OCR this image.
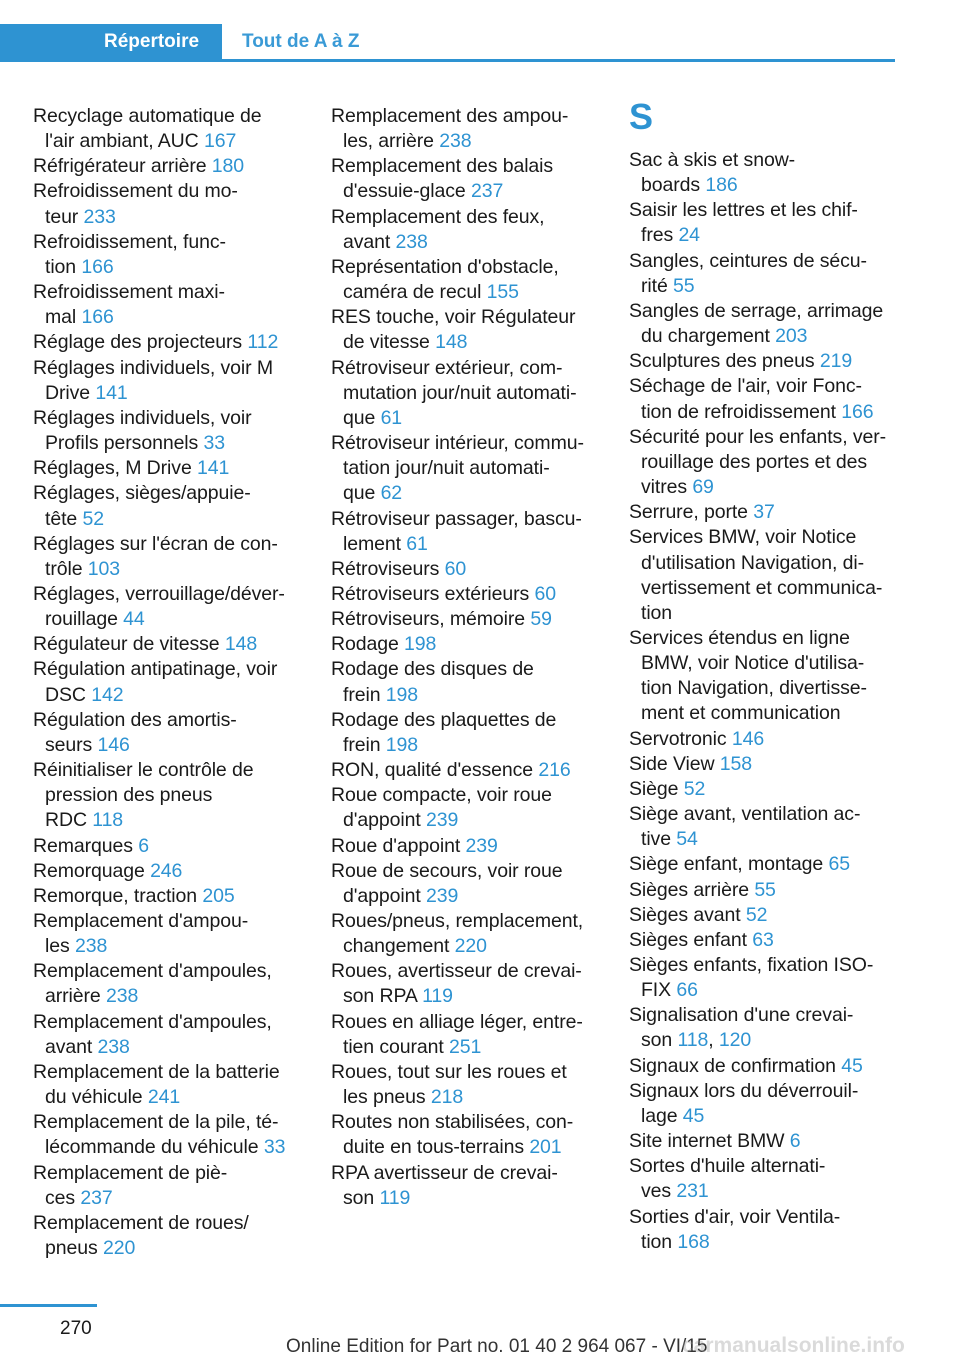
Répertoire	Tout de A à Z
Recyclage automatique de
l'air ambiant, AUC 167
Réfrigérateur arrière 180
Refroidissement du mo-
teur 233
Refroidissement, func-
tion 166
Refroidissement maxi-
mal 166
Réglage des projecteurs 112
Réglages individuels, voir M
Drive 141
Réglages individuels, voir
Profils personnels 33
Réglages, M Drive 141
Réglages, sièges/appuie-
tête 52
Réglages sur l'écran de con-
trôle 103
Réglages, verrouillage/déver-
rouillage 44
Régulateur de vitesse 148
Régulation antipatinage, voir
DSC 142
Régulation des amortis-
seurs 146
Réinitialiser le contrôle de
pression des pneus
RDC 118
Remarques 6
Remorquage 246
Remorque, traction 205
Remplacement d'ampou-
les 238
Remplacement d'ampoules,
arrière 238
Remplacement d'ampoules,
avant 238
Remplacement de la batterie
du véhicule 241
Remplacement de la pile, té-
lécommande du véhicule 33
Remplacement de piè-
ces 237
Remplacement de roues/
pneus 220
Remplacement des ampou-
les, arrière 238
Remplacement des balais
d'essuie-glace 237
Remplacement des feux,
avant 238
Représentation d'obstacle,
caméra de recul 155
RES touche, voir Régulateur
de vitesse 148
Rétroviseur extérieur, com-
mutation jour/nuit automati-
que 61
Rétroviseur intérieur, commu-
tation jour/nuit automati-
que 62
Rétroviseur passager, bascu-
lement 61
Rétroviseurs 60
Rétroviseurs extérieurs 60
Rétroviseurs, mémoire 59
Rodage 198
Rodage des disques de
frein 198
Rodage des plaquettes de
frein 198
RON, qualité d'essence 216
Roue compacte, voir roue
d'appoint 239
Roue d'appoint 239
Roue de secours, voir roue
d'appoint 239
Roues/pneus, remplacement,
changement 220
Roues, avertisseur de crevai-
son RPA 119
Roues en alliage léger, entre-
tien courant 251
Roues, tout sur les roues et
les pneus 218
Routes non stabilisées, con-
duite en tous-terrains 201
RPA avertisseur de crevai-
son 119
S
Sac à skis et snow-
boards 186
Saisir les lettres et les chif-
fres 24
Sangles, ceintures de sécu-
rité 55
Sangles de serrage, arrimage
du chargement 203
Sculptures des pneus 219
Séchage de l'air, voir Fonc-
tion de refroidissement 166
Sécurité pour les enfants, ver-
rouillage des portes et des
vitres 69
Serrure, porte 37
Services BMW, voir Notice
d'utilisation Navigation, di-
vertissement et communica-
tion
Services étendus en ligne
BMW, voir Notice d'utilisa-
tion Navigation, divertisse-
ment et communication
Servotronic 146
Side View 158
Siège 52
Siège avant, ventilation ac-
tive 54
Siège enfant, montage 65
Sièges arrière 55
Sièges avant 52
Sièges enfant 63
Sièges enfants, fixation ISO-
FIX 66
Signalisation d'une crevai-
son 118, 120
Signaux de confirmation 45
Signaux lors du déverrouil-
lage 45
Site internet BMW 6
Sortes d'huile alternati-
ves 231
Sorties d'air, voir Ventila-
tion 168
270
Online Edition for Part no. 01 40 2 964 067 - VI/15
carmanualsonline.info
